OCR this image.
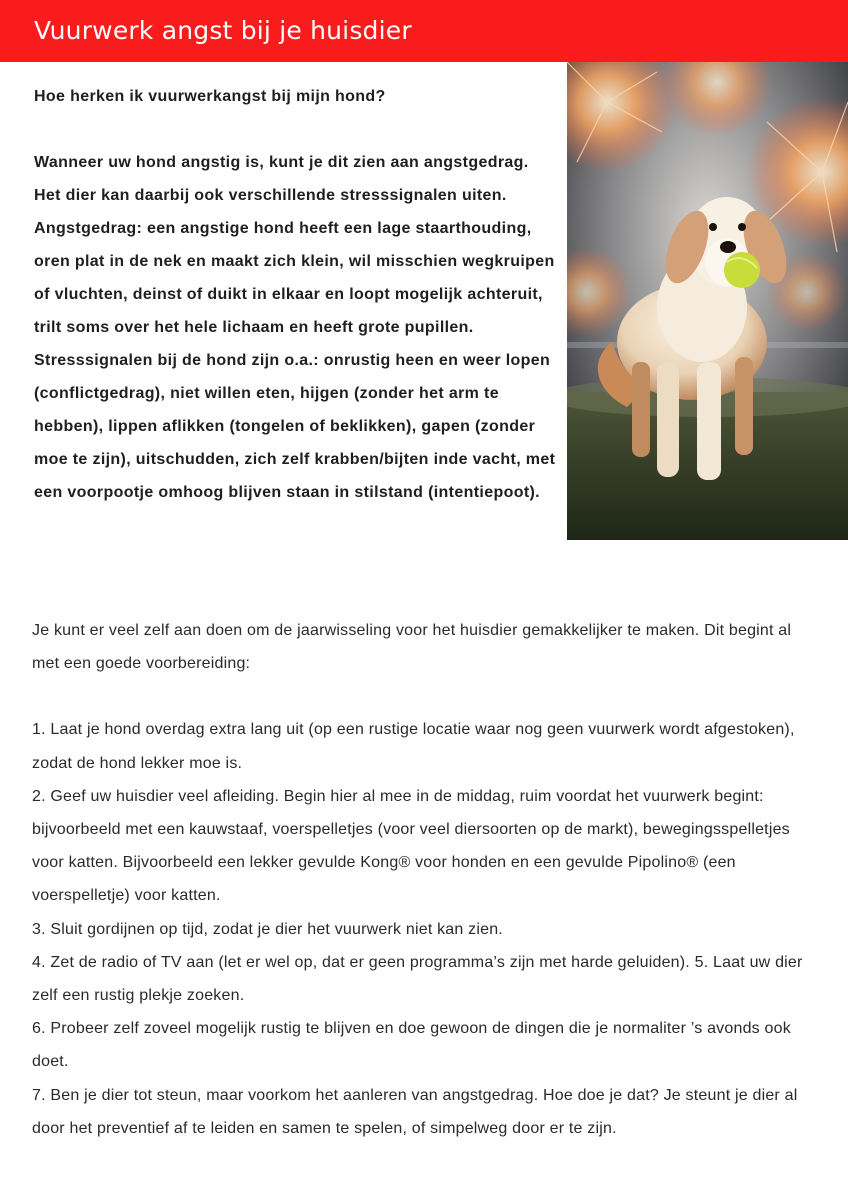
Vuurwerk angst bij je huisdier

Hoe herken ik vuurwerkangst bij mijn hond?

Wanneer uw hond angstig is, kunt je dit zien aan angstgedrag. Het dier kan daarbij ook verschillende stresssignalen uiten. Angstgedrag: een angstige hond heeft een lage staarthouding, oren plat in de nek en maakt zich klein, wil misschien wegkruipen of vluchten, deinst of duikt in elkaar en loopt mogelijk achteruit, trilt soms over het hele lichaam en heeft grote pupillen.

Stresssignalen bij de hond zijn o.a.: onrustig heen en weer lopen (conflictgedrag), niet willen eten, hijgen (zonder het arm te hebben), lippen aflikken (tongelen of beklikken), gapen (zonder moe te zijn), uitschudden, zich zelf krabben/bijten inde vacht, met een voorpootje omhoog blijven staan in stilstand (intentiepoot).

Je kunt er veel zelf aan doen om de jaarwisseling voor het huisdier gemakkelijker te maken. Dit begint al met een goede voorbereiding:

1. Laat je hond overdag extra lang uit (op een rustige locatie waar nog geen vuurwerk wordt afgestoken), zodat de hond lekker moe is.

2. Geef uw huisdier veel afleiding. Begin hier al mee in de middag, ruim voordat het vuurwerk begint: bijvoorbeeld met een kauwstaaf, voerspelletjes (voor veel diersoorten op de markt), bewegingsspelletjes voor katten. Bijvoorbeeld een lekker gevulde Kong® voor honden en een gevulde Pipolino® (een voerspelletje) voor katten.

3. Sluit gordijnen op tijd, zodat je dier het vuurwerk niet kan zien.

4. Zet de radio of TV aan (let er wel op, dat er geen programma’s zijn met harde geluiden). 5. Laat uw dier zelf een rustig plekje zoeken.

6. Probeer zelf zoveel mogelijk rustig te blijven en doe gewoon de dingen die je normaliter ’s avonds ook doet.

7. Ben je dier tot steun, maar voorkom het aanleren van angstgedrag. Hoe doe je dat? Je steunt je dier al door het preventief af te leiden en samen te spelen, of simpelweg door er te zijn.
